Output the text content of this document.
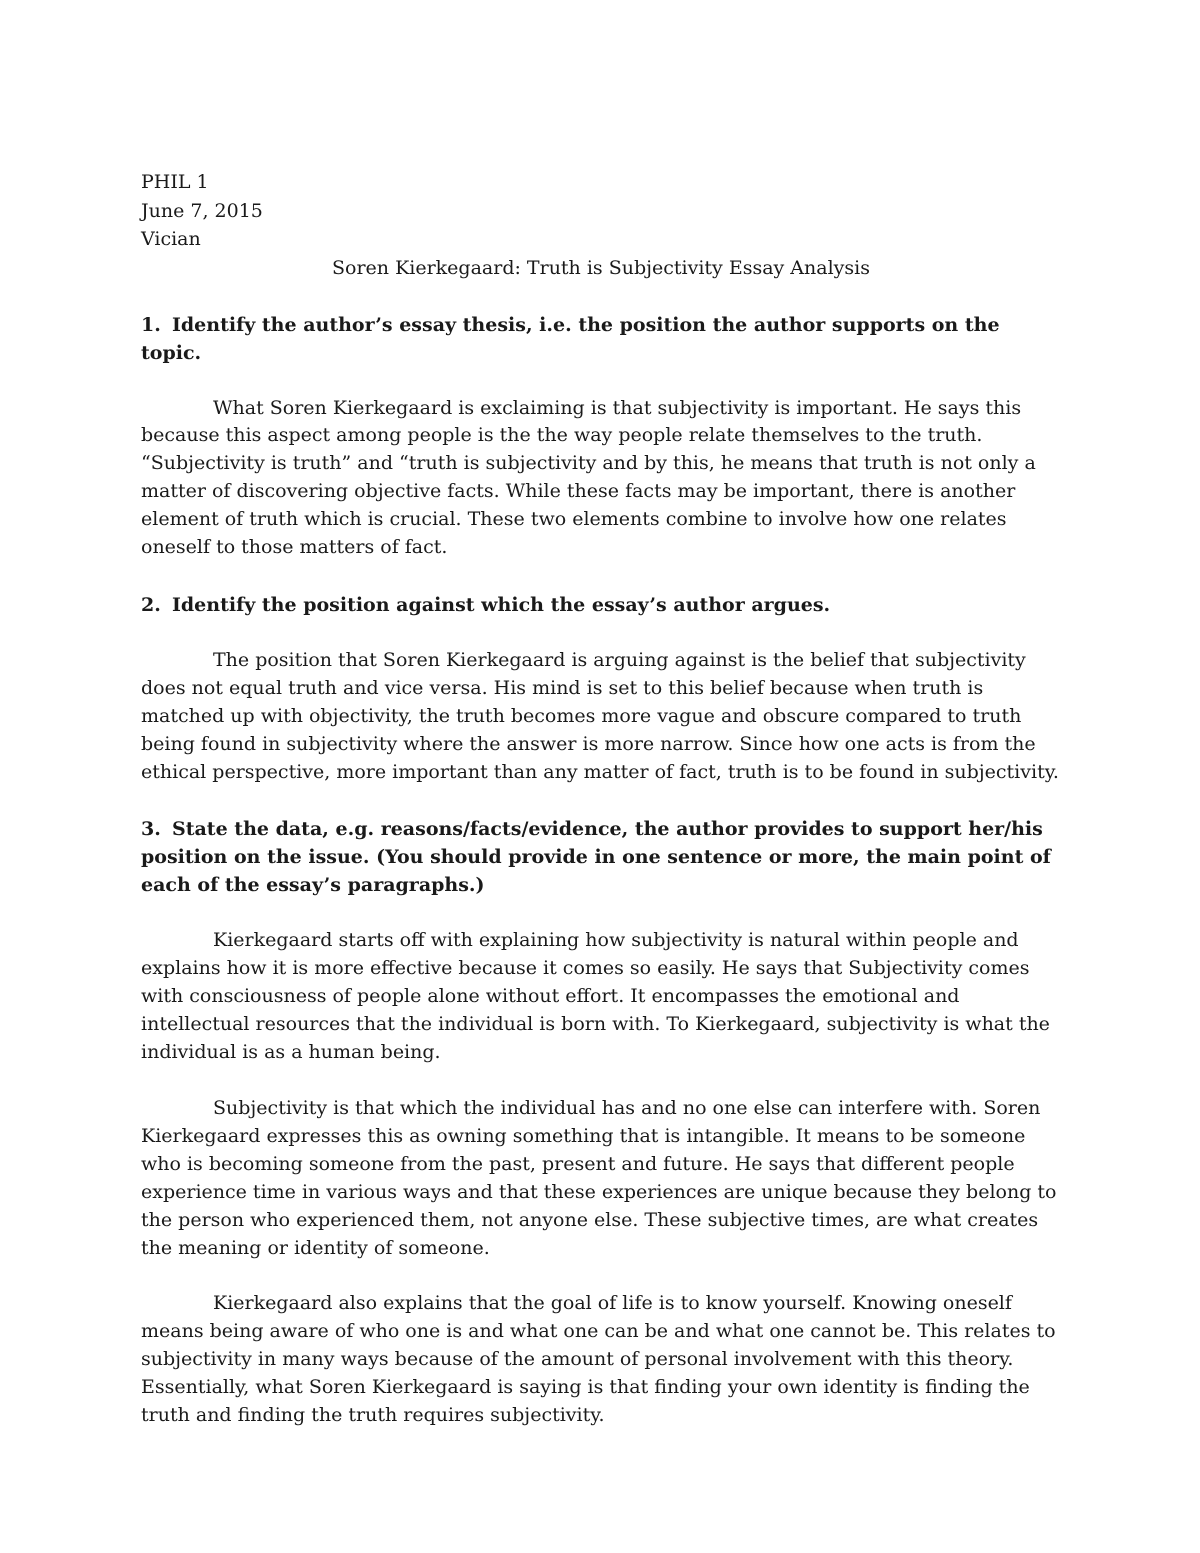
PHIL 1

June 7, 2015

Vician

Soren Kierkegaard: Truth is Subjectivity Essay Analysis

1. Identify the author’s essay thesis, i.e. the position the author supports on the topic.

What Soren Kierkegaard is exclaiming is that subjectivity is important. He says this because this aspect among people is the the way people relate themselves to the truth. “Subjectivity is truth” and “truth is subjectivity and by this, he means that truth is not only a matter of discovering objective facts. While these facts may be important, there is another element of truth which is crucial. These two elements combine to involve how one relates oneself to those matters of fact.

2. Identify the position against which the essay’s author argues.

The position that Soren Kierkegaard is arguing against is the belief that subjectivity does not equal truth and vice versa. His mind is set to this belief because when truth is matched up with objectivity, the truth becomes more vague and obscure compared to truth being found in subjectivity where the answer is more narrow. Since how one acts is from the ethical perspective, more important than any matter of fact, truth is to be found in subjectivity.

3. State the data, e.g. reasons/facts/evidence, the author provides to support her/his position on the issue. (You should provide in one sentence or more, the main point of each of the essay’s paragraphs.)

Kierkegaard starts off with explaining how subjectivity is natural within people and explains how it is more effective because it comes so easily. He says that Subjectivity comes with consciousness of people alone without effort. It encompasses the emotional and intellectual resources that the individual is born with. To Kierkegaard, subjectivity is what the individual is as a human being.

Subjectivity is that which the individual has and no one else can interfere with. Soren Kierkegaard expresses this as owning something that is intangible. It means to be someone who is becoming someone from the past, present and future. He says that different people experience time in various ways and that these experiences are unique because they belong to the person who experienced them, not anyone else. These subjective times, are what creates the meaning or identity of someone.

Kierkegaard also explains that the goal of life is to know yourself. Knowing oneself means being aware of who one is and what one can be and what one cannot be. This relates to subjectivity in many ways because of the amount of personal involvement with this theory. Essentially, what Soren Kierkegaard is saying is that finding your own identity is finding the truth and finding the truth requires subjectivity.
